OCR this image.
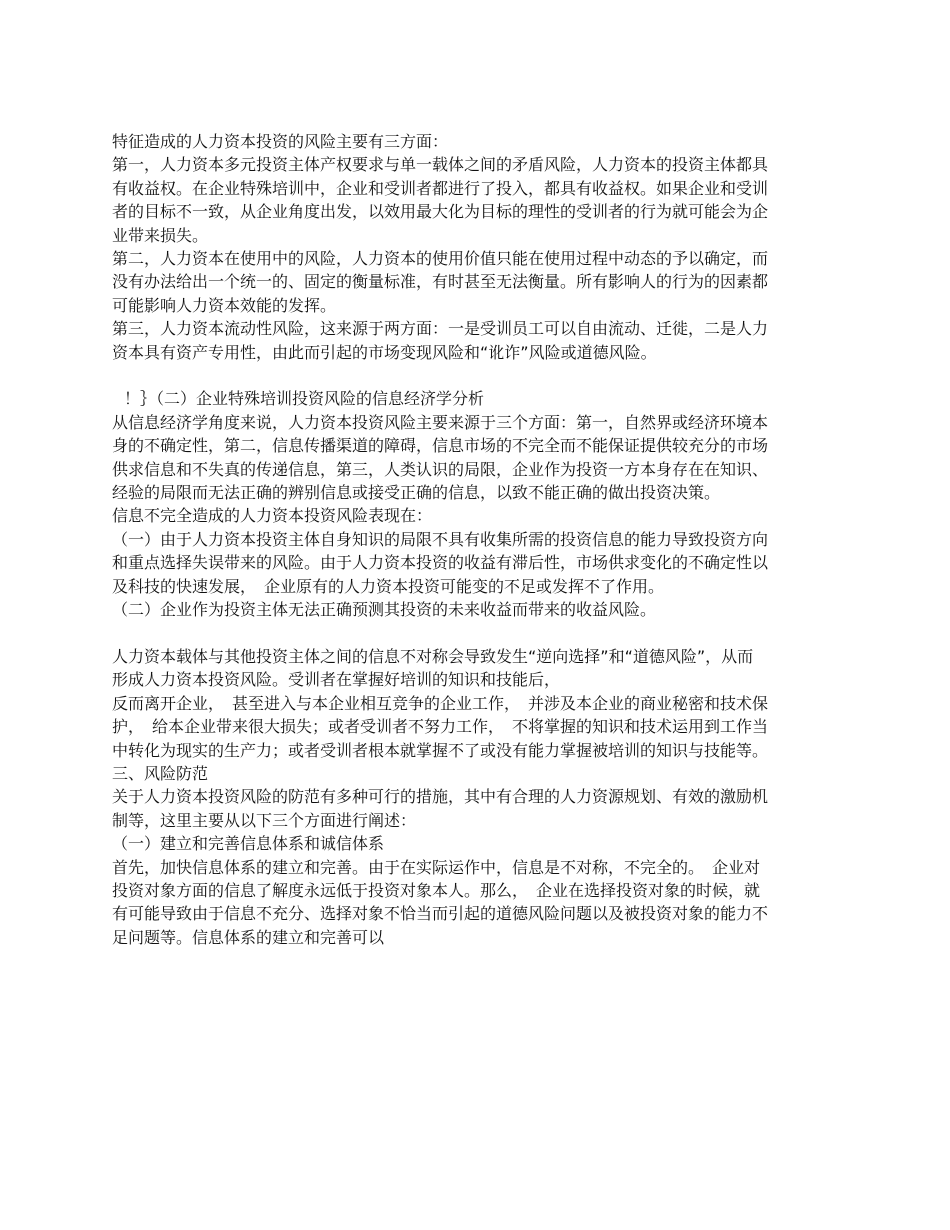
特征造成的人力资本投资的风险主要有三方面：

第一，人力资本多元投资主体产权要求与单一载体之间的矛盾风险，人力资本的投资主体都具有收益权。在企业特殊培训中，企业和受训者都进行了投入，都具有收益权。如果企业和受训者的目标不一致，从企业角度出发，以效用最大化为目标的理性的受训者的行为就可能会为企业带来损失。

第二，人力资本在使用中的风险，人力资本的使用价值只能在使用过程中动态的予以确定，而没有办法给出一个统一的、固定的衡量标准，有时甚至无法衡量。所有影响人的行为的因素都可能影响人力资本效能的发挥。

第三，人力资本流动性风险，这来源于两方面：一是受训员工可以自由流动、迁徙，二是人力资本具有资产专用性，由此而引起的市场变现风险和“讹诈”风险或道德风险。

！｝（二）企业特殊培训投资风险的信息经济学分析

从信息经济学角度来说，人力资本投资风险主要来源于三个方面：第一，自然界或经济环境本身的不确定性，第二，信息传播渠道的障碍，信息市场的不完全而不能保证提供较充分的市场供求信息和不失真的传递信息，第三，人类认识的局限，企业作为投资一方本身存在在知识、经验的局限而无法正确的辨别信息或接受正确的信息，以致不能正确的做出投资决策。

信息不完全造成的人力资本投资风险表现在：

（一）由于人力资本投资主体自身知识的局限不具有收集所需的投资信息的能力导致投资方向和重点选择失误带来的风险。由于人力资本投资的收益有滞后性，市场供求变化的不确定性以及科技的快速发展，　企业原有的人力资本投资可能变的不足或发挥不了作用。

（二）企业作为投资主体无法正确预测其投资的未来收益而带来的收益风险。

人力资本载体与其他投资主体之间的信息不对称会导致发生“逆向选择”和“道德风险”，从而形成人力资本投资风险。受训者在掌握好培训的知识和技能后，

反而离开企业，　甚至进入与本企业相互竞争的企业工作，　并涉及本企业的商业秘密和技术保护，　给本企业带来很大损失；或者受训者不努力工作，　不将掌握的知识和技术运用到工作当中转化为现实的生产力；或者受训者根本就掌握不了或没有能力掌握被培训的知识与技能等。

三、风险防范

关于人力资本投资风险的防范有多种可行的措施，其中有合理的人力资源规划、有效的激励机制等，这里主要从以下三个方面进行阐述：

（一）建立和完善信息体系和诚信体系

首先，加快信息体系的建立和完善。由于在实际运作中，信息是不对称，不完全的。　企业对投资对象方面的信息了解度永远低于投资对象本人。那么，　企业在选择投资对象的时候，就有可能导致由于信息不充分、选择对象不恰当而引起的道德风险问题以及被投资对象的能力不足问题等。信息体系的建立和完善可以
